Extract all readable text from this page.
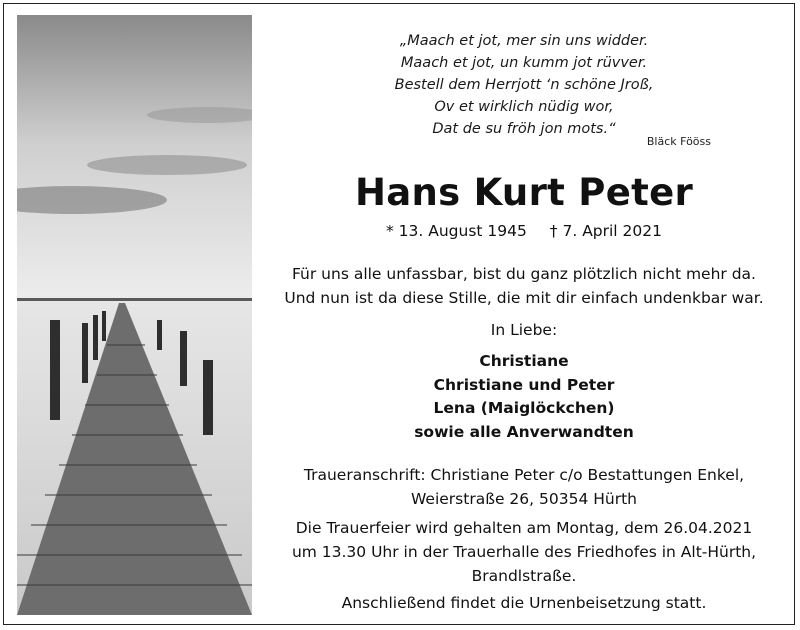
„Maach et jot, mer sin uns widder.
Maach et jot, un kumm jot rüvver.
Bestell dem Herrjott ‘n schöne Jroß,
Ov et wirklich nüdig wor,
Dat de su fröh jon mots.“
Bläck Fööss
Hans Kurt Peter
* 13. August 1945 † 7. April 2021
Für uns alle unfassbar, bist du ganz plötzlich nicht mehr da.
Und nun ist da diese Stille, die mit dir einfach undenkbar war.
In Liebe:
Christiane
Christiane und Peter
Lena (Maiglöckchen)
sowie alle Anverwandten
Traueranschrift: Christiane Peter c/o Bestattungen Enkel,
Weierstraße 26, 50354 Hürth
Die Trauerfeier wird gehalten am Montag, dem 26.04.2021
um 13.30 Uhr in der Trauerhalle des Friedhofes in Alt-Hürth,
Brandlstraße.
Anschließend findet die Urnenbeisetzung statt.
